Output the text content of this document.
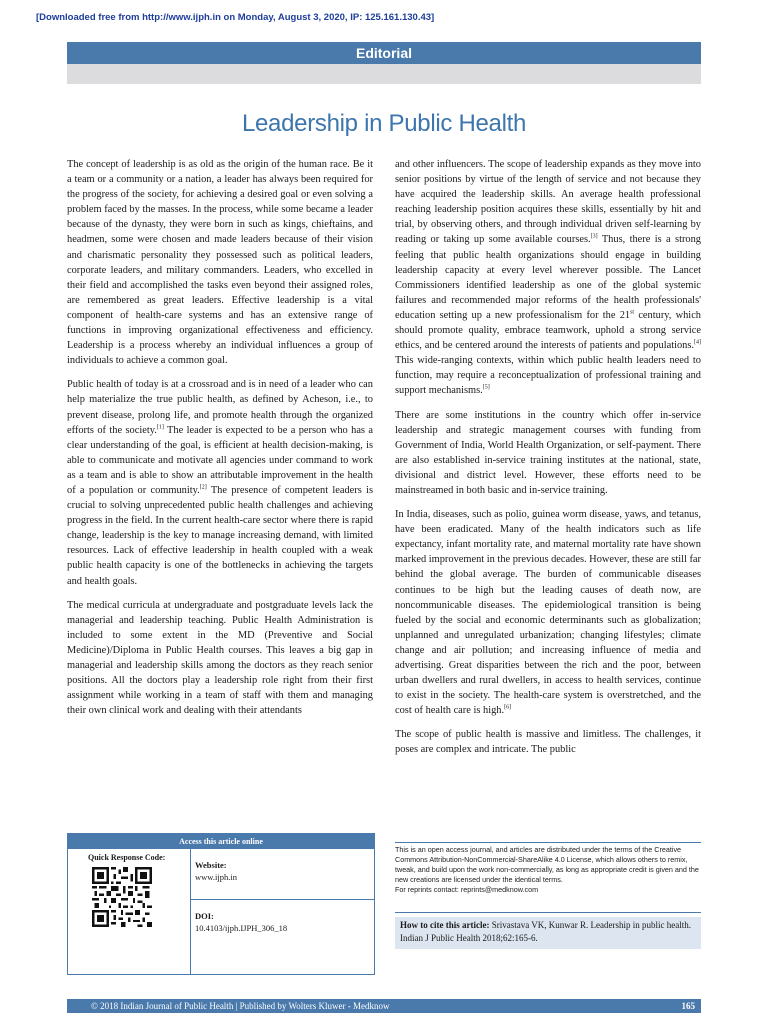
[Downloaded free from http://www.ijph.in on Monday, August 3, 2020, IP: 125.161.130.43]
Editorial
Leadership in Public Health

The concept of leadership is as old as the origin of the human race. Be it a team or a community or a nation, a leader has always been required for the progress of the society, for achieving a desired goal or even solving a problem faced by the masses. In the process, while some became a leader because of the dynasty, they were born in such as kings, chieftains, and headmen, some were chosen and made leaders because of their vision and charismatic personality they possessed such as political leaders, corporate leaders, and military commanders. Leaders, who excelled in their field and accomplished the tasks even beyond their assigned roles, are remembered as great leaders. Effective leadership is a vital component of health-care systems and has an extensive range of functions in improving organizational effectiveness and efficiency. Leadership is a process whereby an individual influences a group of individuals to achieve a common goal.

Public health of today is at a crossroad and is in need of a leader who can help materialize the true public health, as defined by Acheson, i.e., to prevent disease, prolong life, and promote health through the organized efforts of the society.[1] The leader is expected to be a person who has a clear understanding of the goal, is efficient at health decision-making, is able to communicate and motivate all agencies under command to work as a team and is able to show an attributable improvement in the health of a population or community.[2] The presence of competent leaders is crucial to solving unprecedented public health challenges and achieving progress in the field. In the current health-care sector where there is rapid change, leadership is the key to manage increasing demand, with limited resources. Lack of effective leadership in health coupled with a weak public health capacity is one of the bottlenecks in achieving the targets and health goals.

The medical curricula at undergraduate and postgraduate levels lack the managerial and leadership teaching. Public Health Administration is included to some extent in the MD (Preventive and Social Medicine)/Diploma in Public Health courses. This leaves a big gap in managerial and leadership skills among the doctors as they reach senior positions. All the doctors play a leadership role right from their first assignment while working in a team of staff with them and managing their own clinical work and dealing with their attendants

and other influencers. The scope of leadership expands as they move into senior positions by virtue of the length of service and not because they have acquired the leadership skills. An average health professional reaching leadership position acquires these skills, essentially by hit and trial, by observing others, and through individual driven self-learning by reading or taking up some available courses.[3] Thus, there is a strong feeling that public health organizations should engage in building leadership capacity at every level wherever possible. The Lancet Commissioners identified leadership as one of the global systemic failures and recommended major reforms of the health professionals' education setting up a new professionalism for the 21st century, which should promote quality, embrace teamwork, uphold a strong service ethics, and be centered around the interests of patients and populations.[4] This wide-ranging contexts, within which public health leaders need to function, may require a reconceptualization of professional training and support mechanisms.[5]

There are some institutions in the country which offer in-service leadership and strategic management courses with funding from Government of India, World Health Organization, or self-payment. There are also established in-service training institutes at the national, state, divisional and district level. However, these efforts need to be mainstreamed in both basic and in-service training.

In India, diseases, such as polio, guinea worm disease, yaws, and tetanus, have been eradicated. Many of the health indicators such as life expectancy, infant mortality rate, and maternal mortality rate have shown marked improvement in the previous decades. However, these are still far behind the global average. The burden of communicable diseases continues to be high but the leading causes of death now, are noncommunicable diseases. The epidemiological transition is being fueled by the social and economic determinants such as globalization; unplanned and unregulated urbanization; changing lifestyles; climate change and air pollution; and increasing influence of media and advertising. Great disparities between the rich and the poor, between urban dwellers and rural dwellers, in access to health services, continue to exist in the society. The health-care system is overstretched, and the cost of health care is high.[6]

The scope of public health is massive and limitless. The challenges, it poses are complex and intricate. The public

Access this article online
Quick Response Code:
Website:
www.ijph.in
DOI:
10.4103/ijph.IJPH_306_18
This is an open access journal, and articles are distributed under the terms of the Creative Commons Attribution-NonCommercial-ShareAlike 4.0 License, which allows others to remix, tweak, and build upon the work non-commercially, as long as appropriate credit is given and the new creations are licensed under the identical terms.
For reprints contact: reprints@medknow.com
How to cite this article: Srivastava VK, Kunwar R. Leadership in public health. Indian J Public Health 2018;62:165-6.
© 2018 Indian Journal of Public Health | Published by Wolters Kluwer - Medknow	165
